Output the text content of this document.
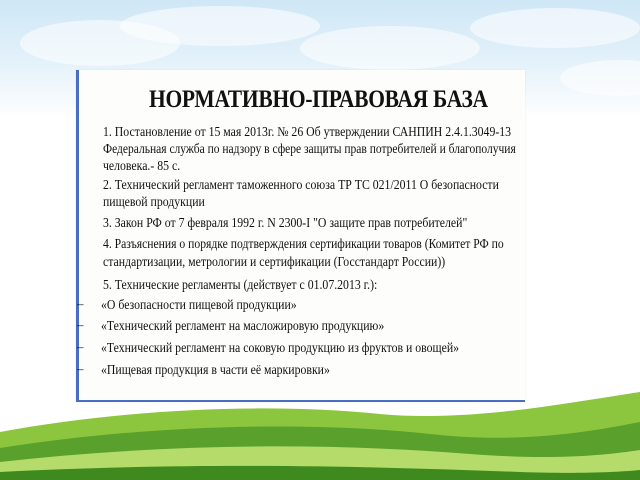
НОРМАТИВНО-ПРАВОВАЯ БАЗА
1. Постановление от 15 мая 2013г. № 26 Об утверждении САНПИН 2.4.1.3049-13
Федеральная служба по надзору в сфере защиты прав потребителей и благополучия
человека.- 85 с.
2. Технический регламент таможенного союза ТР ТС 021/2011 О безопасности
пищевой продукции
3. Закон РФ от 7 февраля 1992 г. N 2300-I "О защите прав потребителей"
4. Разъяснения о порядке подтверждения сертификации товаров (Комитет РФ по
стандартизации, метрологии и сертификации (Госстандарт России))
5. Технические регламенты (действует с 01.07.2013 г.):
– «О безопасности пищевой продукции»
– «Технический регламент на масложировую продукцию»
– «Технический регламент на соковую продукцию из фруктов и овощей»
– «Пищевая продукция в части её маркировки»
